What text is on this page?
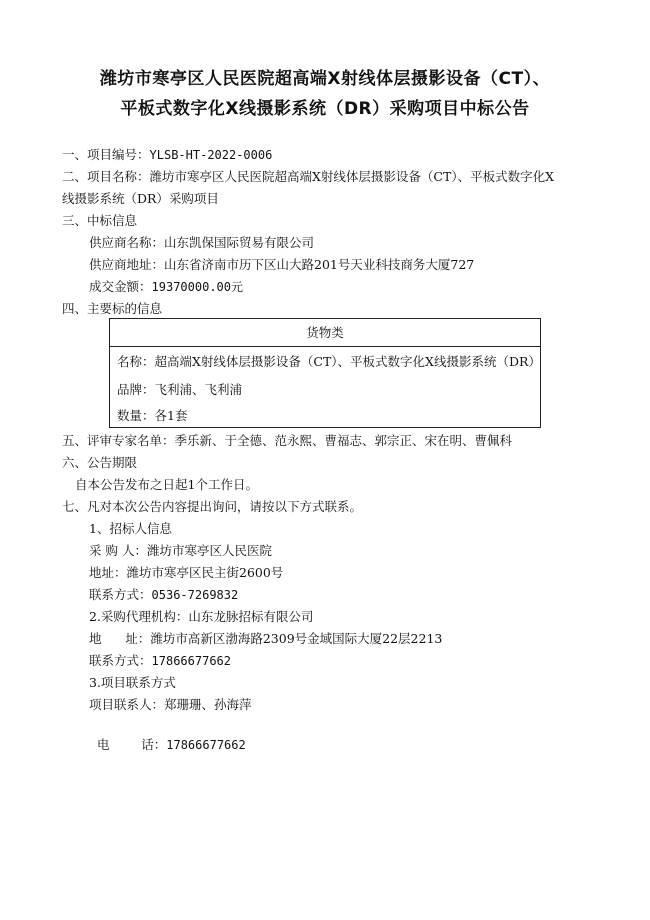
潍坊市寒亭区人民医院超高端X射线体层摄影设备（CT）、
平板式数字化X线摄影系统（DR）采购项目中标公告
一、项目编号：YLSB-HT-2022-0006
二、项目名称：潍坊市寒亭区人民医院超高端X射线体层摄影设备（CT）、平板式数字化X
线摄影系统（DR）采购项目
三、中标信息
供应商名称：山东凯保国际贸易有限公司
供应商地址：山东省济南市历下区山大路201号天业科技商务大厦727
成交金额：19370000.00元
四、主要标的信息
货物类
名称：超高端X射线体层摄影设备（CT）、平板式数字化X线摄影系统（DR）
品牌：飞利浦、飞利浦
数量：各1套
五、评审专家名单：季乐新、于全德、范永熙、曹福志、郭宗正、宋在明、曹佩科
六、公告期限
自本公告发布之日起1个工作日。
七、凡对本次公告内容提出询问，请按以下方式联系。
1、招标人信息
采 购 人：潍坊市寒亭区人民医院
地址：潍坊市寒亭区民主街2600号
联系方式：0536-7269832
2.采购代理机构：山东龙脉招标有限公司
地      址：潍坊市高新区渤海路2309号金域国际大厦22层2213
联系方式：17866677662
3.项目联系方式
项目联系人：郑珊珊、孙海萍

电        话：17866677662
